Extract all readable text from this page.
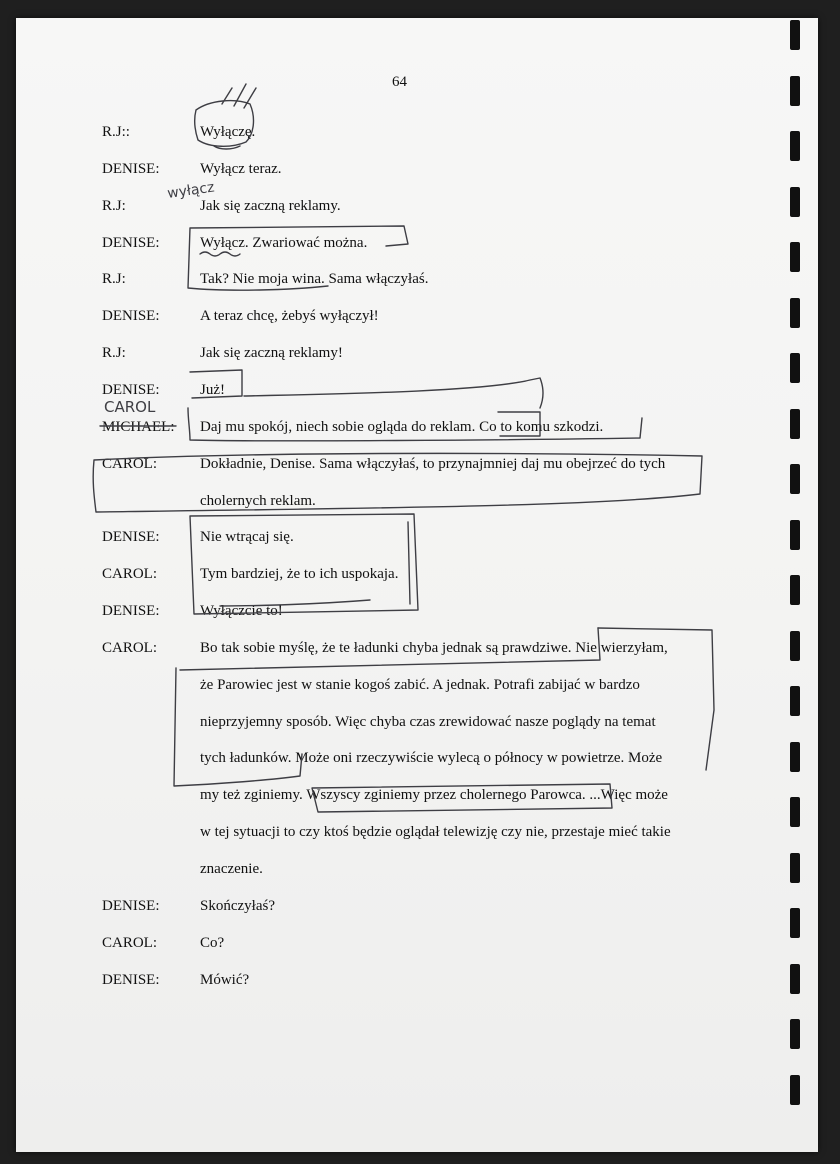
64
R.J::	Wyłączę.
DENISE:	Wyłącz teraz.
R.J:	Jak się zaczną reklamy.
DENISE:	Wyłącz. Zwariować można.
R.J:	Tak? Nie moja wina. Sama włączyłaś.
DENISE:	A teraz chcę, żebyś wyłączył!
R.J:	Jak się zaczną reklamy!
DENISE:	Już!
MICHAEL: Daj mu spokój, niech sobie ogląda do reklam. Co to komu szkodzi.
CAROL:	Dokładnie, Denise. Sama włączyłaś, to przynajmniej daj mu obejrzeć do tych
cholernych reklam.
DENISE:	Nie wtrącaj się.
CAROL:	Tym bardziej, że to ich uspokaja.
DENISE:	Wyłączcie to!
CAROL:	Bo tak sobie myślę, że te ładunki chyba jednak są prawdziwe. Nie wierzyłam,
że Parowiec jest w stanie kogoś zabić. A jednak. Potrafi zabijać w bardzo
nieprzyjemny sposób. Więc chyba czas zrewidować nasze poglądy na temat
tych ładunków. Może oni rzeczywiście wylecą o północy w powietrze. Może
my też zginiemy. Wszyscy zginiemy przez cholernego Parowca. ...Więc może
w tej sytuacji to czy ktoś będzie oglądał telewizję czy nie, przestaje mieć takie
znaczenie.
DENISE:	Skończyłaś?
CAROL:	Co?
DENISE:	Mówić?
wyłącz
CAROL
